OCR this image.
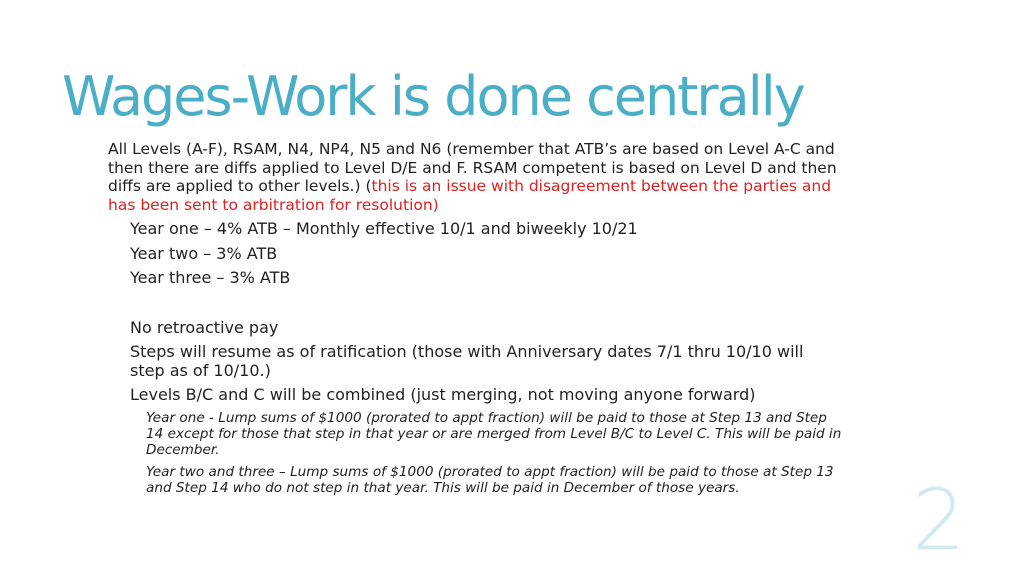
Wages-Work is done centrally

All Levels (A-F), RSAM, N4, NP4, N5 and N6 (remember that ATB’s are based on Level A-C and then there are diffs applied to Level D/E and F. RSAM competent is based on Level D and then diffs are applied to other levels.) (this is an issue with disagreement between the parties and has been sent to arbitration for resolution)

Year one – 4% ATB – Monthly effective 10/1 and biweekly 10/21
Year two – 3% ATB
Year three – 3% ATB
No retroactive pay
Steps will resume as of ratification (those with Anniversary dates 7/1 thru 10/10 will step as of 10/10.)
Levels B/C and C will be combined (just merging, not moving anyone forward)
Year one - Lump sums of $1000 (prorated to appt fraction) will be paid to those at Step 13 and Step 14 except for those that step in that year or are merged from Level B/C to Level C. This will be paid in December.
Year two and three – Lump sums of $1000 (prorated to appt fraction) will be paid to those at Step 13 and Step 14 who do not step in that year. This will be paid in December of those years.	2
